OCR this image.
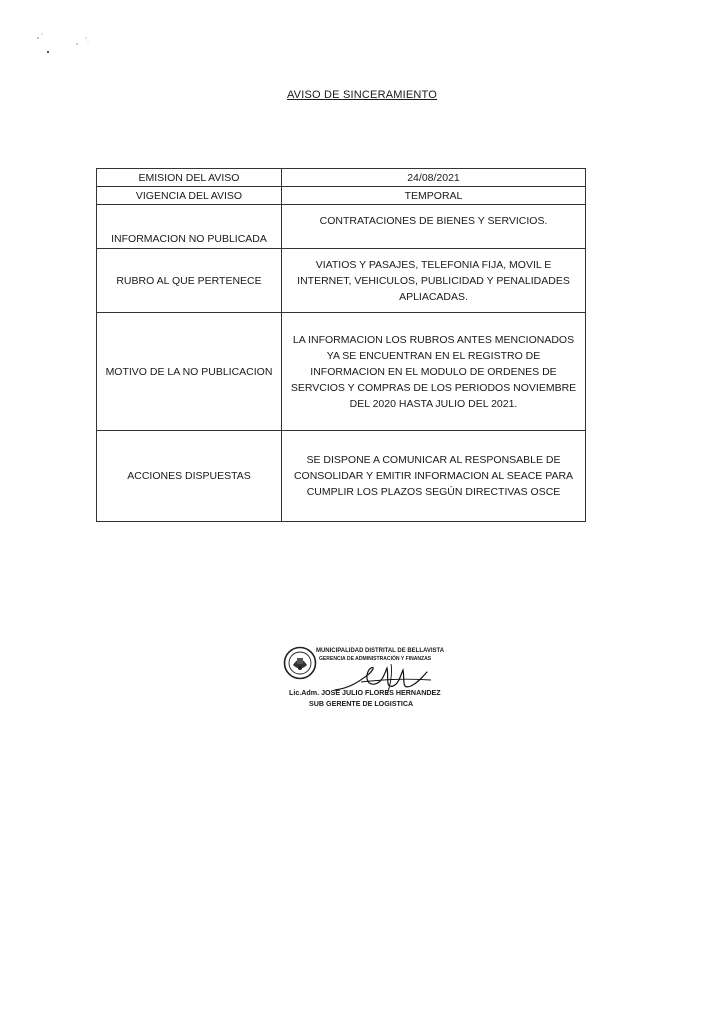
AVISO DE SINCERAMIENTO
EMISION DEL AVISO	24/08/2021
VIGENCIA DEL AVISO	TEMPORAL
INFORMACION NO PUBLICADA	CONTRATACIONES DE BIENES Y SERVICIOS.
RUBRO AL QUE PERTENECE	VIATIOS Y PASAJES, TELEFONIA FIJA, MOVIL E INTERNET, VEHICULOS, PUBLICIDAD Y PENALIDADES APLIACADAS.
MOTIVO DE LA NO PUBLICACION	LA INFORMACION LOS RUBROS ANTES MENCIONADOS YA SE ENCUENTRAN EN EL REGISTRO DE INFORMACION EN EL MODULO DE ORDENES DE SERVCIOS Y COMPRAS DE LOS PERIODOS NOVIEMBRE DEL 2020 HASTA JULIO DEL 2021.
ACCIONES DISPUESTAS	SE DISPONE A COMUNICAR AL RESPONSABLE DE CONSOLIDAR Y EMITIR INFORMACION AL SEACE PARA CUMPLIR LOS PLAZOS SEGÚN DIRECTIVAS OSCE
MUNICIPALIDAD DISTRITAL DE BELLAVISTA
GERENCIA DE ADMINISTRACIÓN Y FINANZAS
Lic.Adm. JOSE JULIO FLORES HERNANDEZ
SUB GERENTE DE LOGISTICA
